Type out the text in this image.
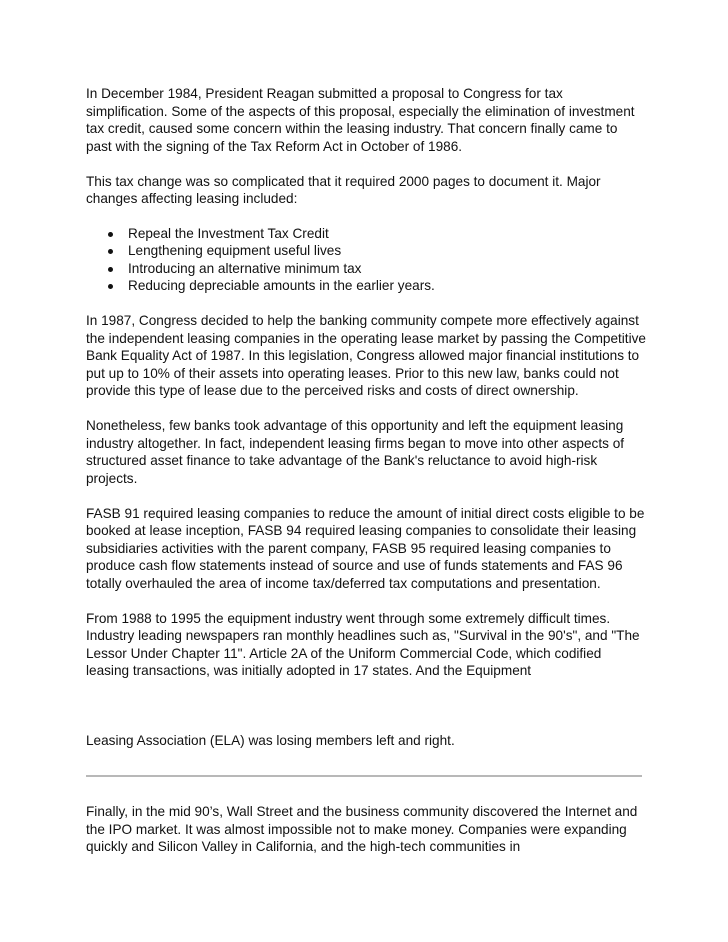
In December 1984, President Reagan submitted a proposal to Congress for tax simplification. Some of the aspects of this proposal, especially the elimination of investment tax credit, caused some concern within the leasing industry. That concern finally came to past with the signing of the Tax Reform Act in October of 1986.

This tax change was so complicated that it required 2000 pages to document it. Major changes affecting leasing included:

Repeal the Investment Tax Credit
Lengthening equipment useful lives
Introducing an alternative minimum tax
Reducing depreciable amounts in the earlier years.

In 1987, Congress decided to help the banking community compete more effectively against the independent leasing companies in the operating lease market by passing the Competitive Bank Equality Act of 1987. In this legislation, Congress allowed major financial institutions to put up to 10% of their assets into operating leases. Prior to this new law, banks could not provide this type of lease due to the perceived risks and costs of direct ownership.

Nonetheless, few banks took advantage of this opportunity and left the equipment leasing industry altogether. In fact, independent leasing firms began to move into other aspects of structured asset finance to take advantage of the Bank's reluctance to avoid high-risk projects.

FASB 91 required leasing companies to reduce the amount of initial direct costs eligible to be booked at lease inception, FASB 94 required leasing companies to consolidate their leasing subsidiaries activities with the parent company, FASB 95 required leasing companies to produce cash flow statements instead of source and use of funds statements and FAS 96 totally overhauled the area of income tax/deferred tax computations and presentation.

From 1988 to 1995 the equipment industry went through some extremely difficult times. Industry leading newspapers ran monthly headlines such as, "Survival in the 90's", and "The Lessor Under Chapter 11". Article 2A of the Uniform Commercial Code, which codified leasing transactions, was initially adopted in 17 states. And the Equipment

Leasing Association (ELA) was losing members left and right.

Finally, in the mid 90’s, Wall Street and the business community discovered the Internet and the IPO market. It was almost impossible not to make money. Companies were expanding quickly and Silicon Valley in California, and the high-tech communities in
